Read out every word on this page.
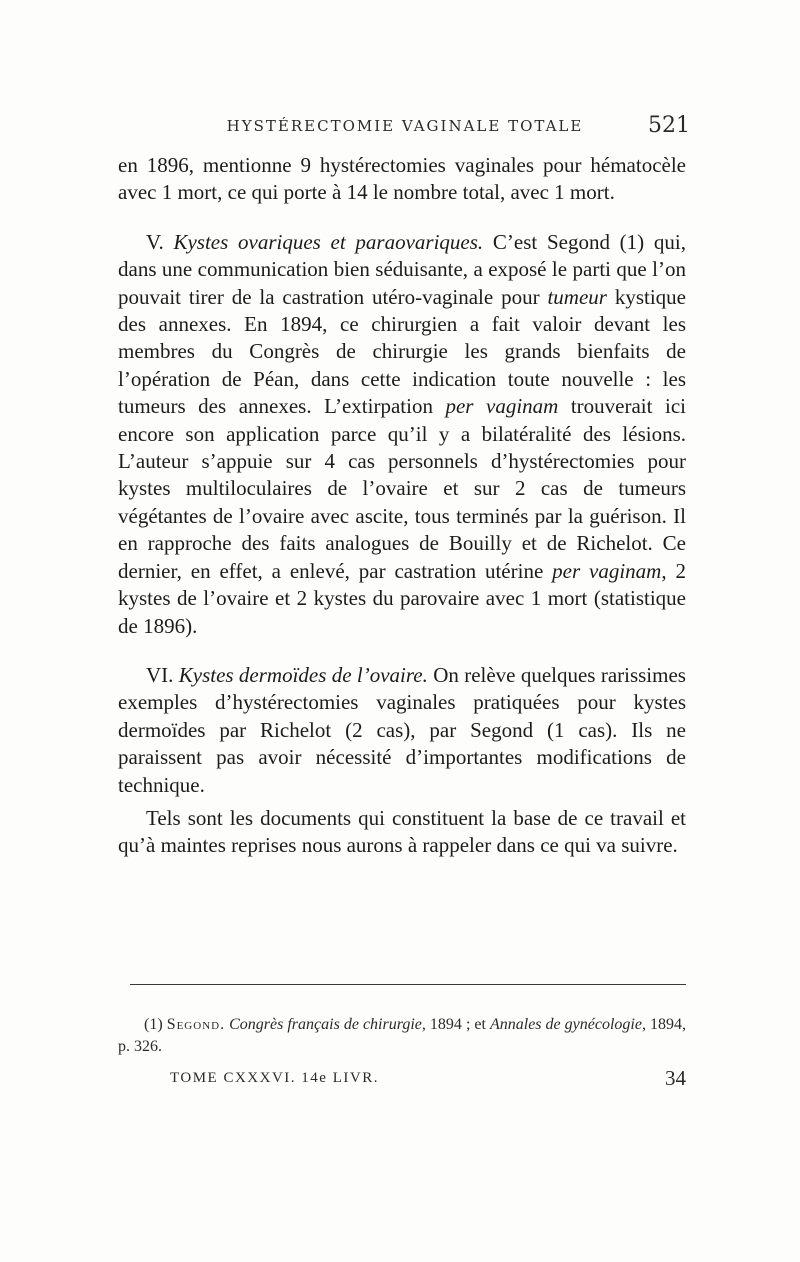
HYSTÉRECTOMIE VAGINALE TOTALE	521

en 1896, mentionne 9 hystérectomies vaginales pour hématocèle avec 1 mort, ce qui porte à 14 le nombre total, avec 1 mort.

V. Kystes ovariques et paraovariques. C’est Segond (1) qui, dans une communication bien séduisante, a exposé le parti que l’on pouvait tirer de la castration utéro-vaginale pour tumeur kystique des annexes. En 1894, ce chirurgien a fait valoir devant les membres du Congrès de chirurgie les grands bienfaits de l’opération de Péan, dans cette indication toute nouvelle : les tumeurs des annexes. L’extirpation per vaginam trouverait ici encore son application parce qu’il y a bilatéralité des lésions. L’auteur s’appuie sur 4 cas personnels d’hystérectomies pour kystes multiloculaires de l’ovaire et sur 2 cas de tumeurs végétantes de l’ovaire avec ascite, tous terminés par la guérison. Il en rapproche des faits analogues de Bouilly et de Richelot. Ce dernier, en effet, a enlevé, par castration utérine per vaginam, 2 kystes de l’ovaire et 2 kystes du parovaire avec 1 mort (statistique de 1896).

VI. Kystes dermoïdes de l’ovaire. On relève quelques rarissimes exemples d’hystérectomies vaginales pratiquées pour kystes dermoïdes par Richelot (2 cas), par Segond (1 cas). Ils ne paraissent pas avoir nécessité d’importantes modifications de technique.

Tels sont les documents qui constituent la base de ce travail et qu’à maintes reprises nous aurons à rappeler dans ce qui va suivre.

(1) Segond. Congrès français de chirurgie, 1894 ; et Annales de gynécologie, 1894, p. 326.
TOME CXXXVI. 14e LIVR.	34
